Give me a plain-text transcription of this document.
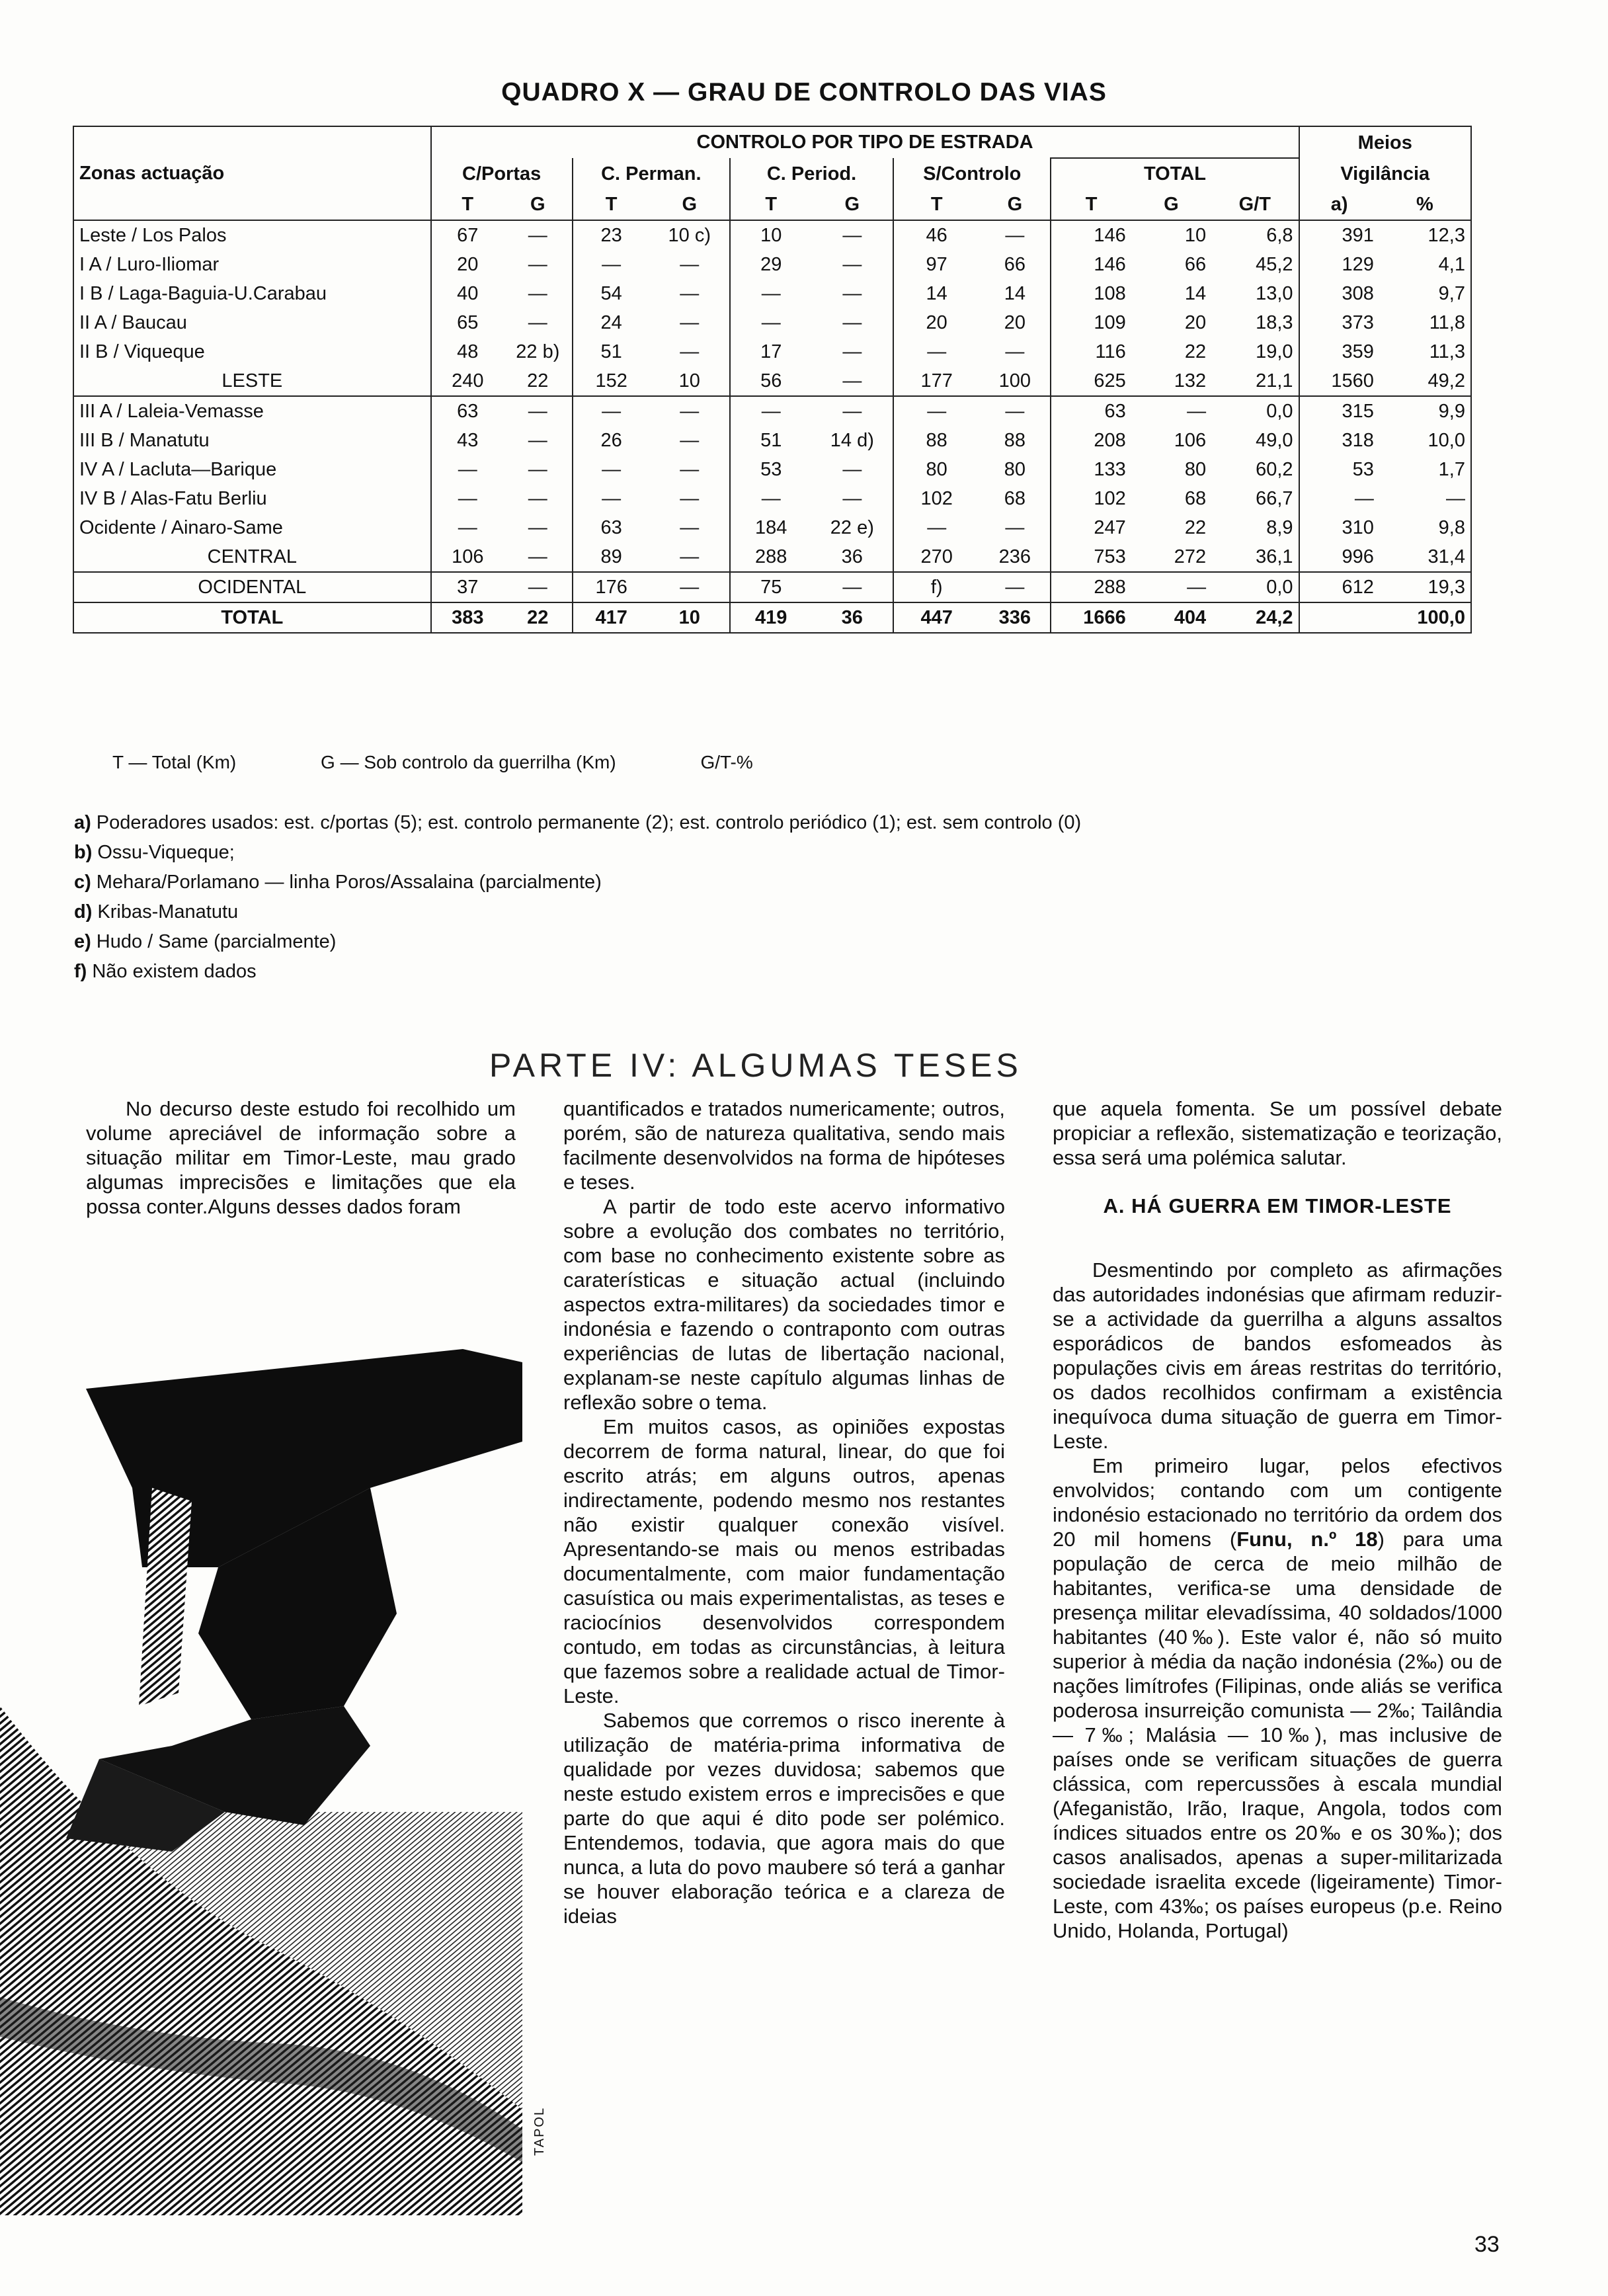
QUADRO X — GRAU DE CONTROLO DAS VIAS
Zonas actuação	CONTROLO POR TIPO DE ESTRADA											Meios	
	C/Portas		C. Perman.		C. Period.		S/Controlo		TOTAL			Vigilância	
	T	G	T	G	T	G	T	G	T	G	G/T	a)	%
Leste / Los Palos	67	—	23	10 c)	10	—	46	—	146	10	6,8	391	12,3
I A / Luro-Iliomar	20	—	—	—	29	—	97	66	146	66	45,2	129	4,1
I B / Laga-Baguia-U.Carabau	40	—	54	—	—	—	14	14	108	14	13,0	308	9,7
II A / Baucau	65	—	24	—	—	—	20	20	109	20	18,3	373	11,8
II B / Viqueque	48	22 b)	51	—	17	—	—	—	116	22	19,0	359	11,3
LESTE	240	22	152	10	56	—	177	100	625	132	21,1	1560	49,2
III A / Laleia-Vemasse	63	—	—	—	—	—	—	—	63	—	0,0	315	9,9
III B / Manatutu	43	—	26	—	51	14 d)	88	88	208	106	49,0	318	10,0
IV A / Lacluta—Barique	—	—	—	—	53	—	80	80	133	80	60,2	53	1,7
IV B / Alas-Fatu Berliu	—	—	—	—	—	—	102	68	102	68	66,7	—	—
Ocidente / Ainaro-Same	—	—	63	—	184	22 e)	—	—	247	22	8,9	310	9,8
CENTRAL	106	—	89	—	288	36	270	236	753	272	36,1	996	31,4
OCIDENTAL	37	—	176	—	75	—	f)	—	288	—	0,0	612	19,3
TOTAL	383	22	417	10	419	36	447	336	1666	404	24,2		100,0
T — Total (Km)	G — Sob controlo da guerrilha (Km)	G/T-%
a) Poderadores usados: est. c/portas (5); est. controlo permanente (2); est. controlo periódico (1); est. sem controlo (0)
b) Ossu-Viqueque;
c) Mehara/Porlamano — linha Poros/Assalaina (parcialmente)
d) Kribas-Manatutu
e) Hudo / Same (parcialmente)
f) Não existem dados
PARTE IV: ALGUMAS TESES

No decurso deste estudo foi recolhido um volume apreciável de informação sobre a situação militar em Timor-Leste, mau grado algumas imprecisões e limitações que ela possa conter.Alguns desses dados foram

TAPOL

quantificados e tratados numericamente; outros, porém, são de natureza qualitativa, sendo mais facilmente desenvolvidos na forma de hipóteses e teses.

A partir de todo este acervo informativo sobre a evolução dos combates no território, com base no conhecimento existente sobre as caraterísticas e situação actual (incluindo aspectos extra-militares) da sociedades timor e indonésia e fazendo o contraponto com outras experiências de lutas de libertação nacional, explanam-se neste capítulo algumas linhas de reflexão sobre o tema.

Em muitos casos, as opiniões expostas decorrem de forma natural, linear, do que foi escrito atrás; em alguns outros, apenas indirectamente, podendo mesmo nos restantes não existir qualquer conexão visível. Apresentando-se mais ou menos estribadas documentalmente, com maior fundamentação casuística ou mais experimentalistas, as teses e raciocínios desenvolvidos correspondem contudo, em todas as circunstâncias, à leitura que fazemos sobre a realidade actual de Timor-Leste.

Sabemos que corremos o risco inerente à utilização de matéria-prima informativa de qualidade por vezes duvidosa; sabemos que neste estudo existem erros e imprecisões e que parte do que aqui é dito pode ser polémico. Entendemos, todavia, que agora mais do que nunca, a luta do povo maubere só terá a ganhar se houver elaboração teórica e a clareza de ideias

que aquela fomenta. Se um possível debate propiciar a reflexão, sistematização e teorização, essa será uma polémica salutar.

A. HÁ GUERRA EM TIMOR-LESTE

Desmentindo por completo as afirmações das autoridades indonésias que afirmam reduzir-se a actividade da guerrilha a alguns assaltos esporádicos de bandos esfomeados às populações civis em áreas restritas do território, os dados recolhidos confirmam a existência inequívoca duma situação de guerra em Timor-Leste.

Em primeiro lugar, pelos efectivos envolvidos; contando com um contigente indonésio estacionado no território da ordem dos 20 mil homens (Funu, n.º 18) para uma população de cerca de meio milhão de habitantes, verifica-se uma densidade de presença militar elevadíssima, 40 soldados/1000 habitantes (40‰). Este valor é, não só muito superior à média da nação indonésia (2‰) ou de nações limítrofes (Filipinas, onde aliás se verifica poderosa insurreição comunista — 2‰; Tailândia — 7‰; Malásia — 10‰), mas inclusive de países onde se verificam situações de guerra clássica, com repercussões à escala mundial (Afeganistão, Irão, Iraque, Angola, todos com índices situados entre os 20‰ e os 30‰); dos casos analisados, apenas a super-militarizada sociedade israelita excede (ligeiramente) Timor-Leste, com 43‰; os países europeus (p.e. Reino Unido, Holanda, Portugal)

33
